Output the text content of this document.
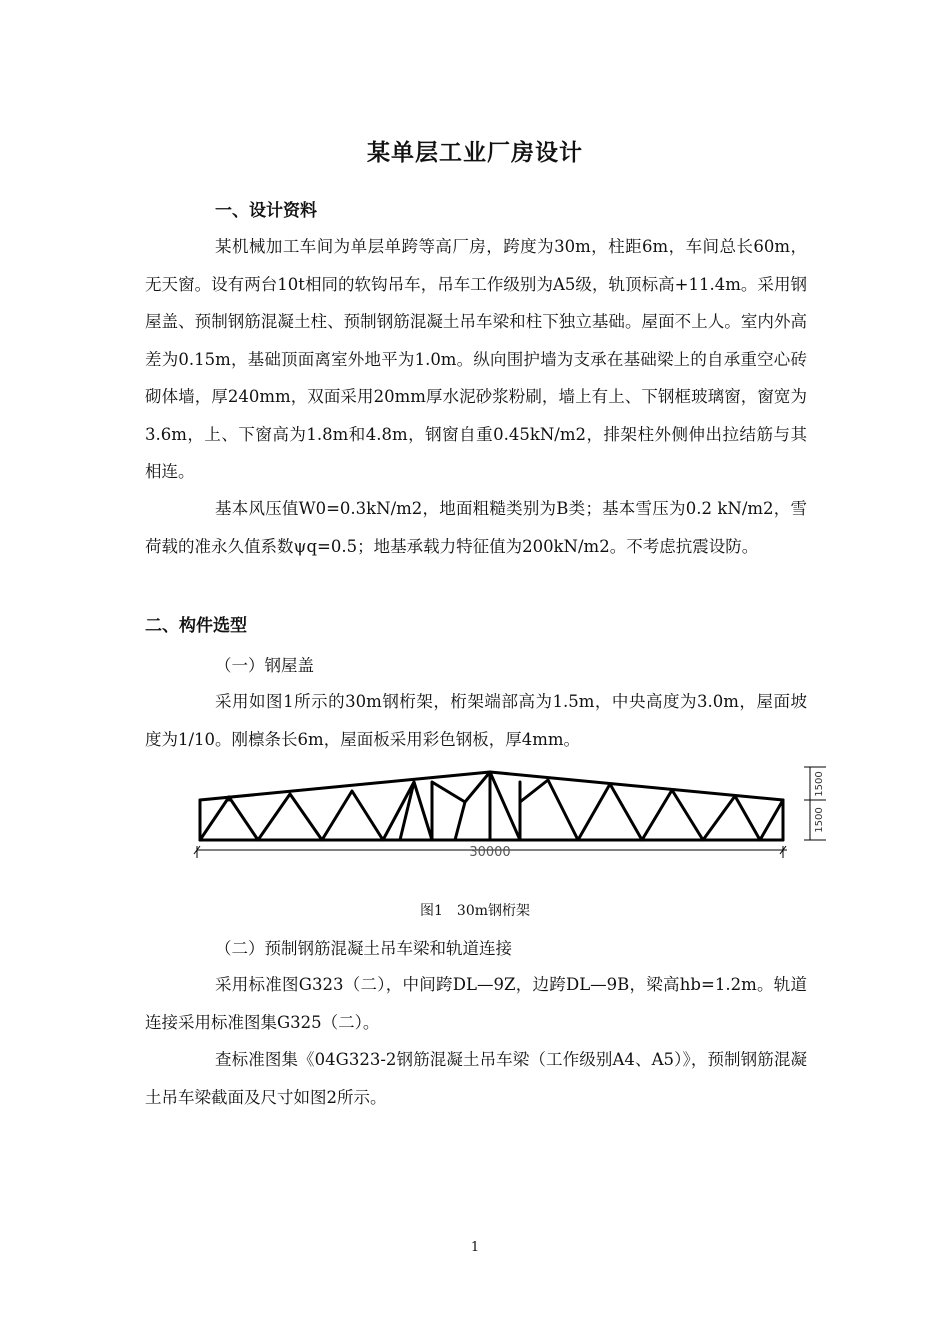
某单层工业厂房设计
一、设计资料

某机械加工车间为单层单跨等高厂房，跨度为30m，柱距6m，车间总长60m，无天窗。设有两台10t相同的软钩吊车，吊车工作级别为A5级，轨顶标高+11.4m。采用钢屋盖、预制钢筋混凝土柱、预制钢筋混凝土吊车梁和柱下独立基础。屋面不上人。室内外高差为0.15m，基础顶面离室外地平为1.0m。纵向围护墙为支承在基础梁上的自承重空心砖砌体墙，厚240mm，双面采用20mm厚水泥砂浆粉刷，墙上有上、下钢框玻璃窗，窗宽为3.6m，上、下窗高为1.8m和4.8m，钢窗自重0.45kN/m2，排架柱外侧伸出拉结筋与其相连。

基本风压值W0=0.3kN/m2，地面粗糙类别为B类；基本雪压为0.2 kN/m2，雪荷载的准永久值系数ψq=0.5；地基承载力特征值为200kN/m2。不考虑抗震设防。

二、构件选型
（一）钢屋盖

采用如图1所示的30m钢桁架，桁架端部高为1.5m，中央高度为3.0m，屋面坡度为1/10。刚檩条长6m，屋面板采用彩色钢板，厚4mm。

30000
1500
1500
图1　30m钢桁架
（二）预制钢筋混凝土吊车梁和轨道连接

采用标准图G323（二），中间跨DL—9Z，边跨DL—9B，梁高hb=1.2m。轨道连接采用标准图集G325（二）。

查标准图集《04G323-2钢筋混凝土吊车梁（工作级别A4、A5）》，预制钢筋混凝土吊车梁截面及尺寸如图2所示。

1
